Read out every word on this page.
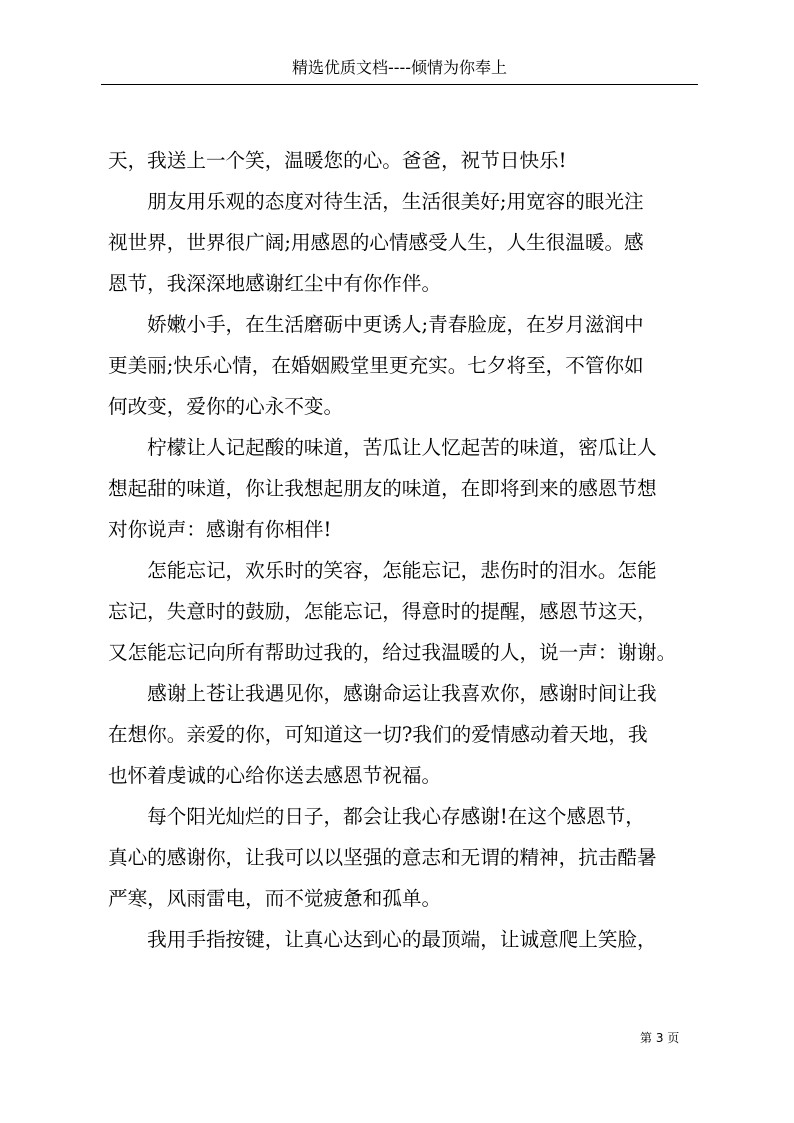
精选优质文档----倾情为你奉上
天，我送上一个笑，温暖您的心。爸爸，祝节日快乐!
　　朋友用乐观的态度对待生活，生活很美好;用宽容的眼光注
视世界，世界很广阔;用感恩的心情感受人生，人生很温暖。感
恩节，我深深地感谢红尘中有你作伴。
　　娇嫩小手，在生活磨砺中更诱人;青春脸庞，在岁月滋润中
更美丽;快乐心情，在婚姻殿堂里更充实。七夕将至，不管你如
何改变，爱你的心永不变。
　　柠檬让人记起酸的味道，苦瓜让人忆起苦的味道，密瓜让人
想起甜的味道，你让我想起朋友的味道，在即将到来的感恩节想
对你说声：感谢有你相伴!
　　怎能忘记，欢乐时的笑容，怎能忘记，悲伤时的泪水。怎能
忘记，失意时的鼓励，怎能忘记，得意时的提醒，感恩节这天，
又怎能忘记向所有帮助过我的，给过我温暖的人，说一声：谢谢。
　　感谢上苍让我遇见你，感谢命运让我喜欢你，感谢时间让我
在想你。亲爱的你，可知道这一切?我们的爱情感动着天地，我
也怀着虔诚的心给你送去感恩节祝福。
　　每个阳光灿烂的日子，都会让我心存感谢!在这个感恩节，
真心的感谢你，让我可以以坚强的意志和无谓的精神，抗击酷暑
严寒，风雨雷电，而不觉疲惫和孤单。
　　我用手指按键，让真心达到心的最顶端，让诚意爬上笑脸，
第 3 页
